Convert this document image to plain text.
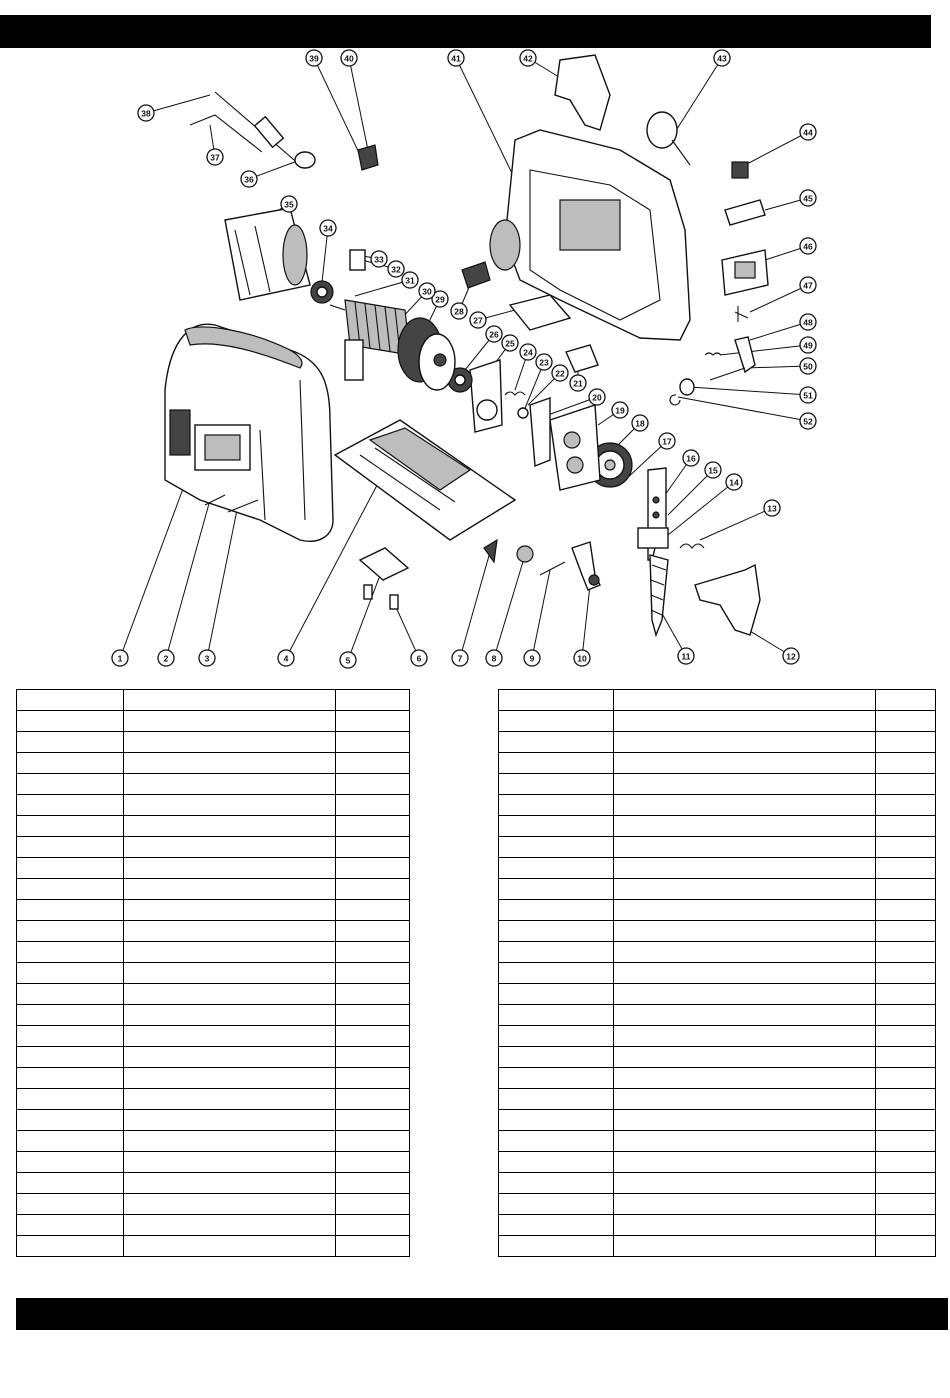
1	2	3	4	5	6	7	8	9	10	11	12
13
14
15
16
17
18
19
20
21
22
23
24
25
26
27
28
29
30
31
32
33
34
35
36
37
38
39	40	41	42	43
44
45
46
47
48
49
50
51
52
